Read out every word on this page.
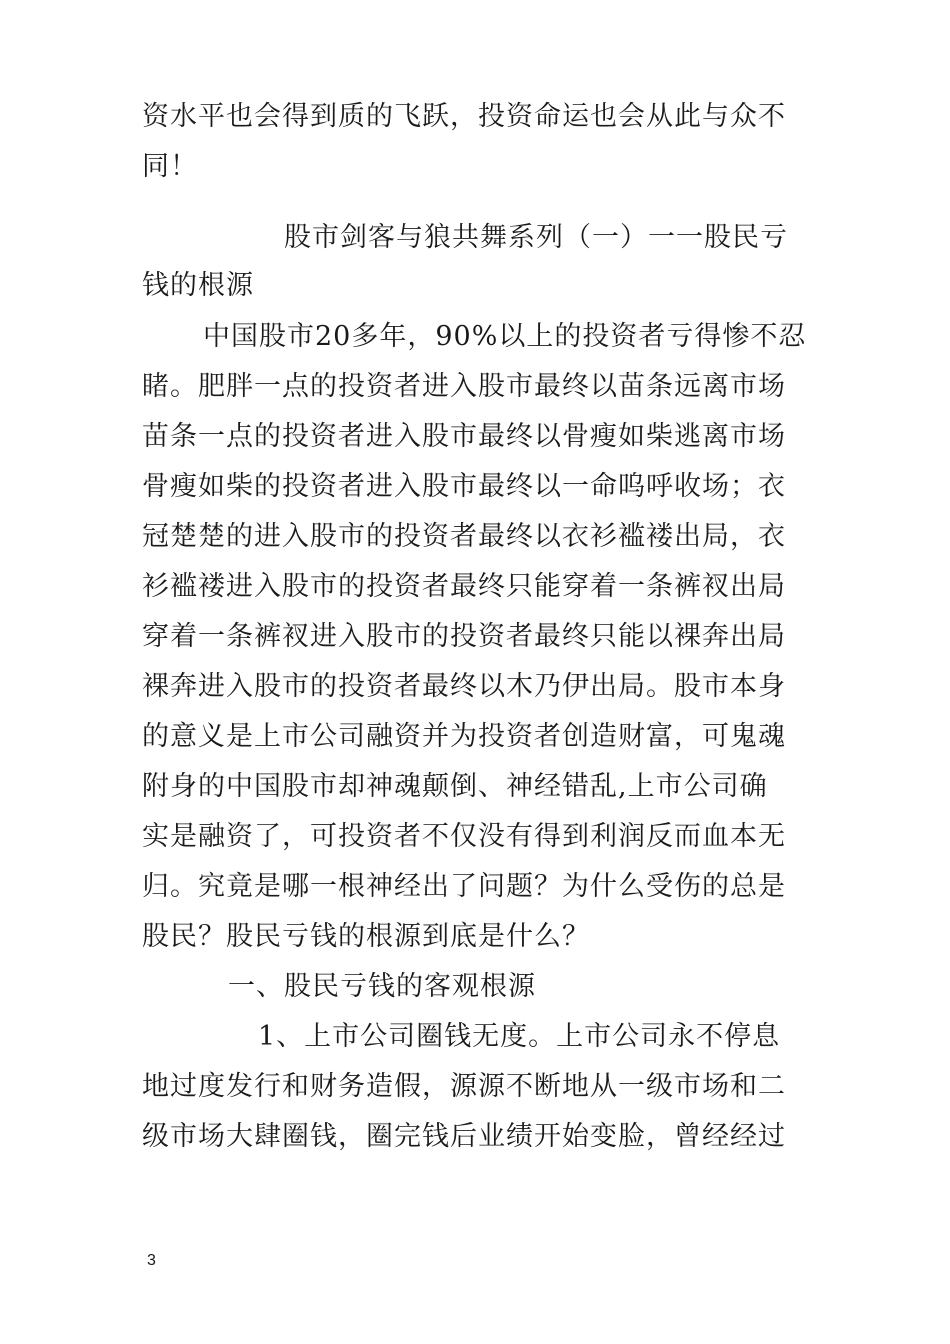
资水平也会得到质的飞跃，投资命运也会从此与众不
同！
股市剑客与狼共舞系列（一）一一股民亏
钱的根源
中国股市20多年，90%以上的投资者亏得惨不忍
睹。肥胖一点的投资者进入股市最终以苗条远离市场
苗条一点的投资者进入股市最终以骨瘦如柴逃离市场
骨瘦如柴的投资者进入股市最终以一命呜呼收场；衣
冠楚楚的进入股市的投资者最终以衣衫褴褛出局，衣
衫褴褛进入股市的投资者最终只能穿着一条裤衩出局
穿着一条裤衩进入股市的投资者最终只能以裸奔出局
裸奔进入股市的投资者最终以木乃伊出局。股市本身
的意义是上市公司融资并为投资者创造财富，可鬼魂
附身的中国股市却神魂颠倒、神经错乱,上市公司确
实是融资了，可投资者不仅没有得到利润反而血本无
归。究竟是哪一根神经出了问题？为什么受伤的总是
股民？股民亏钱的根源到底是什么？
一、股民亏钱的客观根源
1、上市公司圈钱无度。上市公司永不停息
地过度发行和财务造假，源源不断地从一级市场和二
级市场大肆圈钱，圈完钱后业绩开始变脸，曾经经过
3
